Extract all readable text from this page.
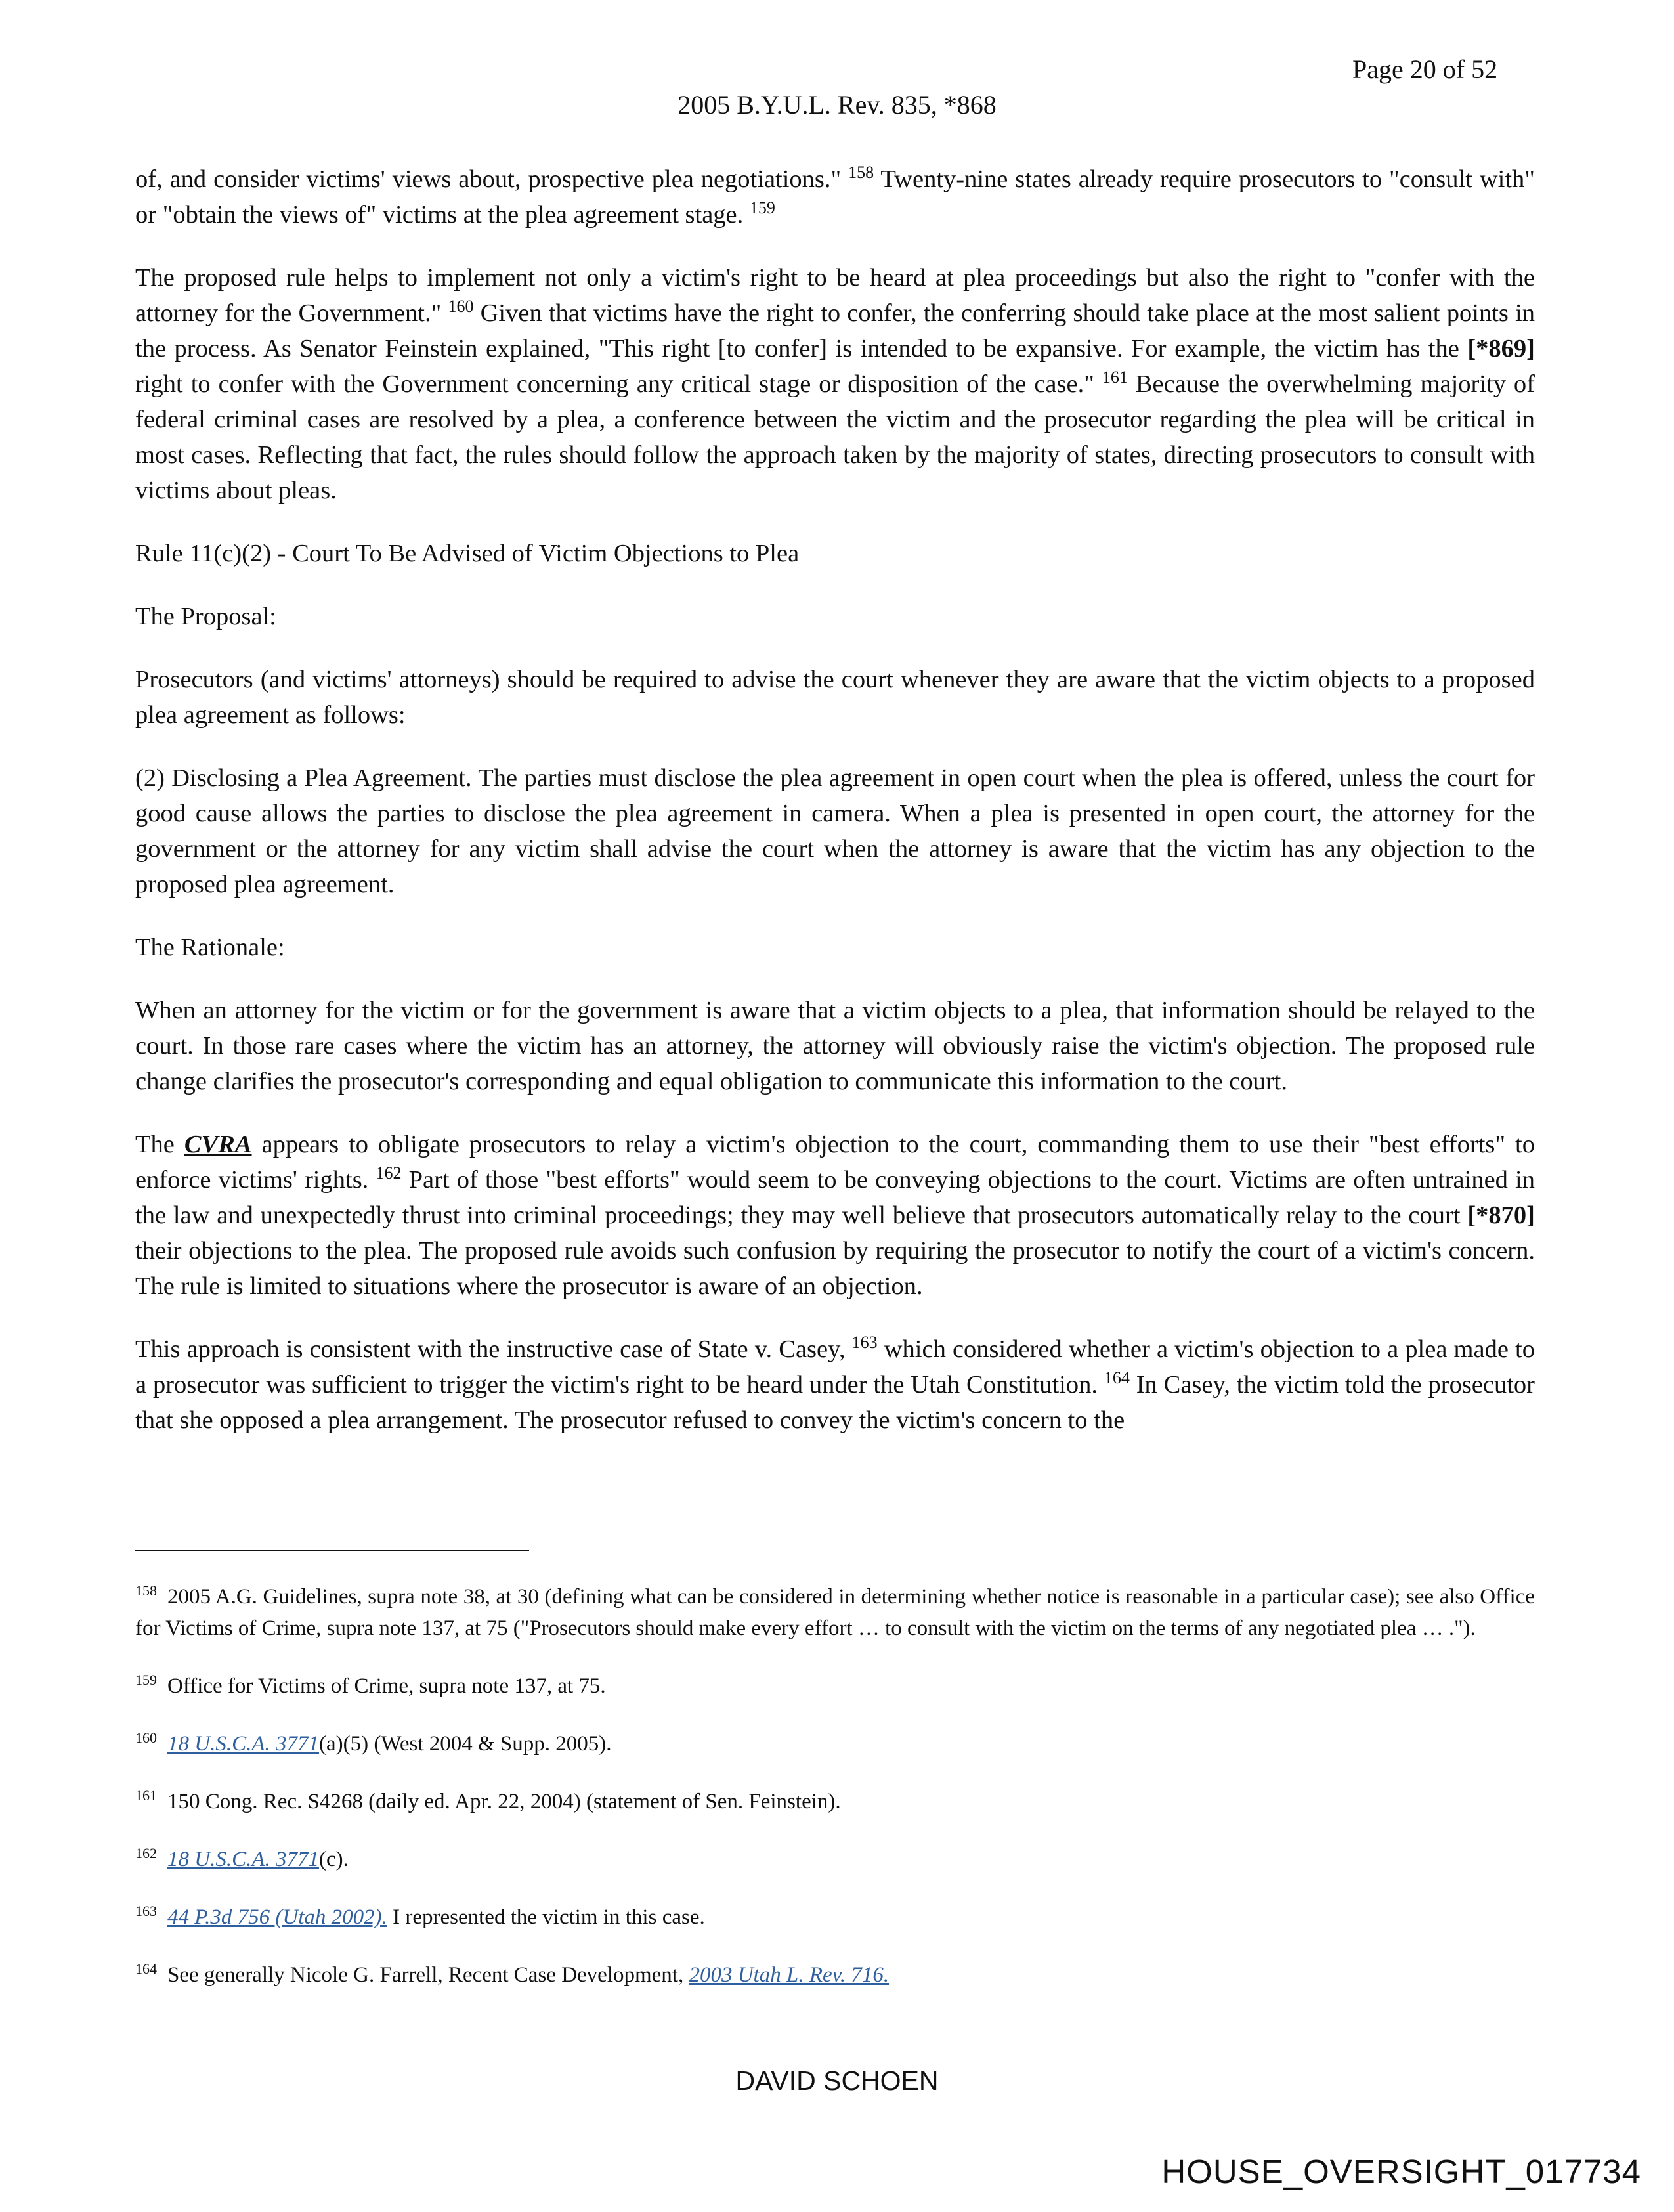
Page 20 of 52
2005 B.Y.U.L. Rev. 835, *868

of, and consider victims' views about, prospective plea negotiations." $^{158}$ Twenty-nine states already require prosecutors to "consult with" or "obtain the views of" victims at the plea agreement stage. $^{159}$

The proposed rule helps to implement not only a victim's right to be heard at plea proceedings but also the right to "confer with the attorney for the Government." $^{160}$ Given that victims have the right to confer, the conferring should take place at the most salient points in the process. As Senator Feinstein explained, "This right [to confer] is intended to be expansive. For example, the victim has the [*869] right to confer with the Government concerning any critical stage or disposition of the case." $^{161}$ Because the overwhelming majority of federal criminal cases are resolved by a plea, a conference between the victim and the prosecutor regarding the plea will be critical in most cases. Reflecting that fact, the rules should follow the approach taken by the majority of states, directing prosecutors to consult with victims about pleas.

Rule 11(c)(2) - Court To Be Advised of Victim Objections to Plea

The Proposal:

Prosecutors (and victims' attorneys) should be required to advise the court whenever they are aware that the victim objects to a proposed plea agreement as follows:

(2) Disclosing a Plea Agreement. The parties must disclose the plea agreement in open court when the plea is offered, unless the court for good cause allows the parties to disclose the plea agreement in camera. When a plea is presented in open court, the attorney for the government or the attorney for any victim shall advise the court when the attorney is aware that the victim has any objection to the proposed plea agreement.

The Rationale:

When an attorney for the victim or for the government is aware that a victim objects to a plea, that information should be relayed to the court. In those rare cases where the victim has an attorney, the attorney will obviously raise the victim's objection. The proposed rule change clarifies the prosecutor's corresponding and equal obligation to communicate this information to the court.

The CVRA appears to obligate prosecutors to relay a victim's objection to the court, commanding them to use their "best efforts" to enforce victims' rights. $^{162}$ Part of those "best efforts" would seem to be conveying objections to the court. Victims are often untrained in the law and unexpectedly thrust into criminal proceedings; they may well believe that prosecutors automatically relay to the court [*870] their objections to the plea. The proposed rule avoids such confusion by requiring the prosecutor to notify the court of a victim's concern. The rule is limited to situations where the prosecutor is aware of an objection.

This approach is consistent with the instructive case of State v. Casey, $^{163}$ which considered whether a victim's objection to a plea made to a prosecutor was sufficient to trigger the victim's right to be heard under the Utah Constitution. $^{164}$ In Casey, the victim told the prosecutor that she opposed a plea arrangement. The prosecutor refused to convey the victim's concern to the

$^{158}$ 2005 A.G. Guidelines, supra note 38, at 30 (defining what can be considered in determining whether notice is reasonable in a particular case); see also Office for Victims of Crime, supra note 137, at 75 ("Prosecutors should make every effort … to consult with the victim on the terms of any negotiated plea … .").
$^{159}$ Office for Victims of Crime, supra note 137, at 75.
$^{160}$ 18 U.S.C.A. 3771(a)(5) (West 2004 & Supp. 2005).
$^{161}$ 150 Cong. Rec. S4268 (daily ed. Apr. 22, 2004) (statement of Sen. Feinstein).
$^{162}$ 18 U.S.C.A. 3771(c).
$^{163}$ 44 P.3d 756 (Utah 2002). I represented the victim in this case.
$^{164}$ See generally Nicole G. Farrell, Recent Case Development, 2003 Utah L. Rev. 716.
DAVID SCHOEN
HOUSE_OVERSIGHT_017734
